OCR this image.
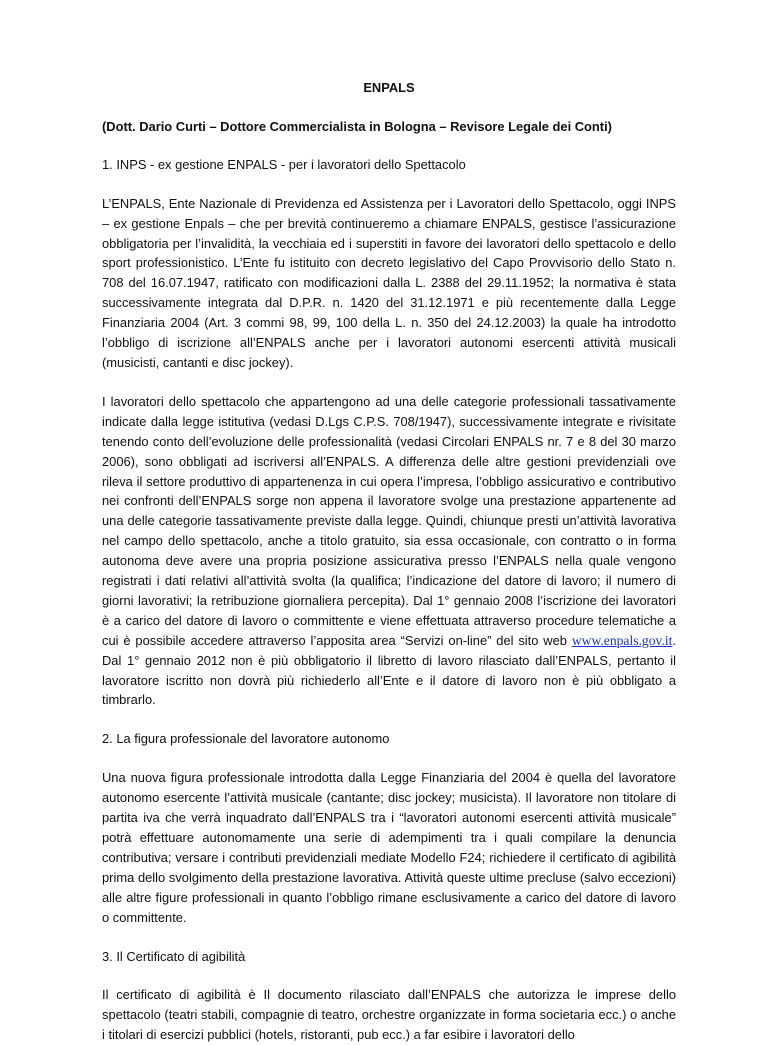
ENPALS
(Dott. Dario Curti – Dottore Commercialista in Bologna – Revisore Legale dei Conti)
1. INPS - ex gestione ENPALS - per i lavoratori dello Spettacolo

L’ENPALS, Ente Nazionale di Previdenza ed Assistenza per i Lavoratori dello Spettacolo, oggi INPS – ex gestione Enpals – che per brevità continueremo a chiamare ENPALS, gestisce l’assicurazione obbligatoria per l’invalidità, la vecchiaia ed i superstiti in favore dei lavoratori dello spettacolo e dello sport professionistico. L’Ente fu istituito con decreto legislativo del Capo Provvisorio dello Stato n. 708 del 16.07.1947, ratificato con modificazioni dalla L. 2388 del 29.11.1952; la normativa è stata successivamente integrata dal D.P.R. n. 1420 del 31.12.1971 e più recentemente dalla Legge Finanziaria 2004 (Art. 3 commi 98, 99, 100 della L. n. 350 del 24.12.2003) la quale ha introdotto l’obbligo di iscrizione all’ENPALS anche per i lavoratori autonomi esercenti attività musicali (musicisti, cantanti e disc jockey).

I lavoratori dello spettacolo che appartengono ad una delle categorie professionali tassativamente indicate dalla legge istitutiva (vedasi D.Lgs C.P.S. 708/1947), successivamente integrate e rivisitate tenendo conto dell’evoluzione delle professionalità (vedasi Circolari ENPALS nr. 7 e 8 del 30 marzo 2006), sono obbligati ad iscriversi all’ENPALS. A differenza delle altre gestioni previdenziali ove rileva il settore produttivo di appartenenza in cui opera l’impresa, l’obbligo assicurativo e contributivo nei confronti dell’ENPALS sorge non appena il lavoratore svolge una prestazione appartenente ad una delle categorie tassativamente previste dalla legge. Quindi, chiunque presti un’attività lavorativa nel campo dello spettacolo, anche a titolo gratuito, sia essa occasionale, con contratto o in forma autonoma deve avere una propria posizione assicurativa presso l’ENPALS nella quale vengono registrati i dati relativi all’attività svolta (la qualifica; l’indicazione del datore di lavoro; il numero di giorni lavorativi; la retribuzione giornaliera percepita). Dal 1° gennaio 2008 l’iscrizione dei lavoratori è a carico del datore di lavoro o committente e viene effettuata attraverso procedure telematiche a cui è possibile accedere attraverso l’apposita area “Servizi on-line” del sito web www.enpals.gov.it. Dal 1° gennaio 2012 non è più obbligatorio il libretto di lavoro rilasciato dall’ENPALS, pertanto il lavoratore iscritto non dovrà più richiederlo all’Ente e il datore di lavoro non è più obbligato a timbrarlo.

2. La figura professionale del lavoratore autonomo

Una nuova figura professionale introdotta dalla Legge Finanziaria del 2004 è quella del lavoratore autonomo esercente l’attività musicale (cantante; disc jockey; musicista). Il lavoratore non titolare di partita iva che verrà inquadrato dall’ENPALS tra i “lavoratori autonomi esercenti attività musicale” potrà effettuare autonomamente una serie di adempimenti tra i quali compilare la denuncia contributiva; versare i contributi previdenziali mediate Modello F24; richiedere il certificato di agibilità prima dello svolgimento della prestazione lavorativa. Attività queste ultime precluse (salvo eccezioni) alle altre figure professionali in quanto l’obbligo rimane esclusivamente a carico del datore di lavoro o committente.

3. Il Certificato di agibilità

Il certificato di agibilità è Il documento rilasciato dall’ENPALS che autorizza le imprese dello spettacolo (teatri stabili, compagnie di teatro, orchestre organizzate in forma societaria ecc.) o anche i titolari di esercizi pubblici (hotels, ristoranti, pub ecc.) a far esibire i lavoratori dello
